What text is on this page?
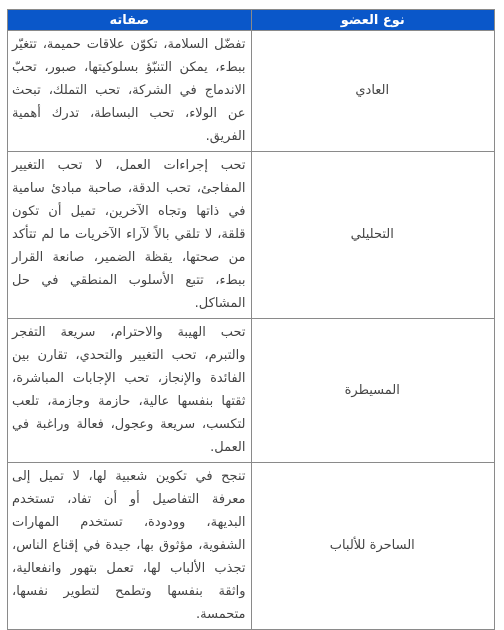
نوع العضو	صفاته
العادي	تفضّل السلامة، تكوّن علاقات حميمة، تتغيّر ببطء، يمكن التنبّؤ بسلوكيتها، صبور، تحبّ الاندماج في الشركة، تحب التملك، تبحث عن الولاء، تحب البساطة، تدرك أهمية الفريق.
التحليلي	تحب إجراءات العمل، لا تحب التغيير المفاجئ، تحب الدقة، صاحبة مبادئ سامية في ذاتها وتجاه الآخرين، تميل أن تكون قلقة، لا تلقي بالاً لآراء الآخريات ما لم تتأكد من صحتها، يقظة الضمير، صانعة القرار ببطء، تتبع الأسلوب المنطقي في حل المشاكل.
المسيطرة	تحب الهيبة والاحترام، سريعة التفجر والتبرم، تحب التغيير والتحدي، تقارن بين الفائدة والإنجاز، تحب الإجابات المباشرة، ثقتها بنفسها عالية، حازمة وجازمة، تلعب لتكسب، سريعة وعجول، فعالة وراغبة في العمل.
الساحرة للألباب	تنجح في تكوين شعبية لها، لا تميل إلى معرفة التفاصيل أو أن تفاد، تستخدم البديهة، وودودة، تستخدم المهارات الشفوية، مؤثوق بها، جيدة في إقناع الناس، تجذب الألباب لها، تعمل بتهور وانفعالية، واثقة بنفسها وتطمح لتطوير نفسها، متحمسة.
